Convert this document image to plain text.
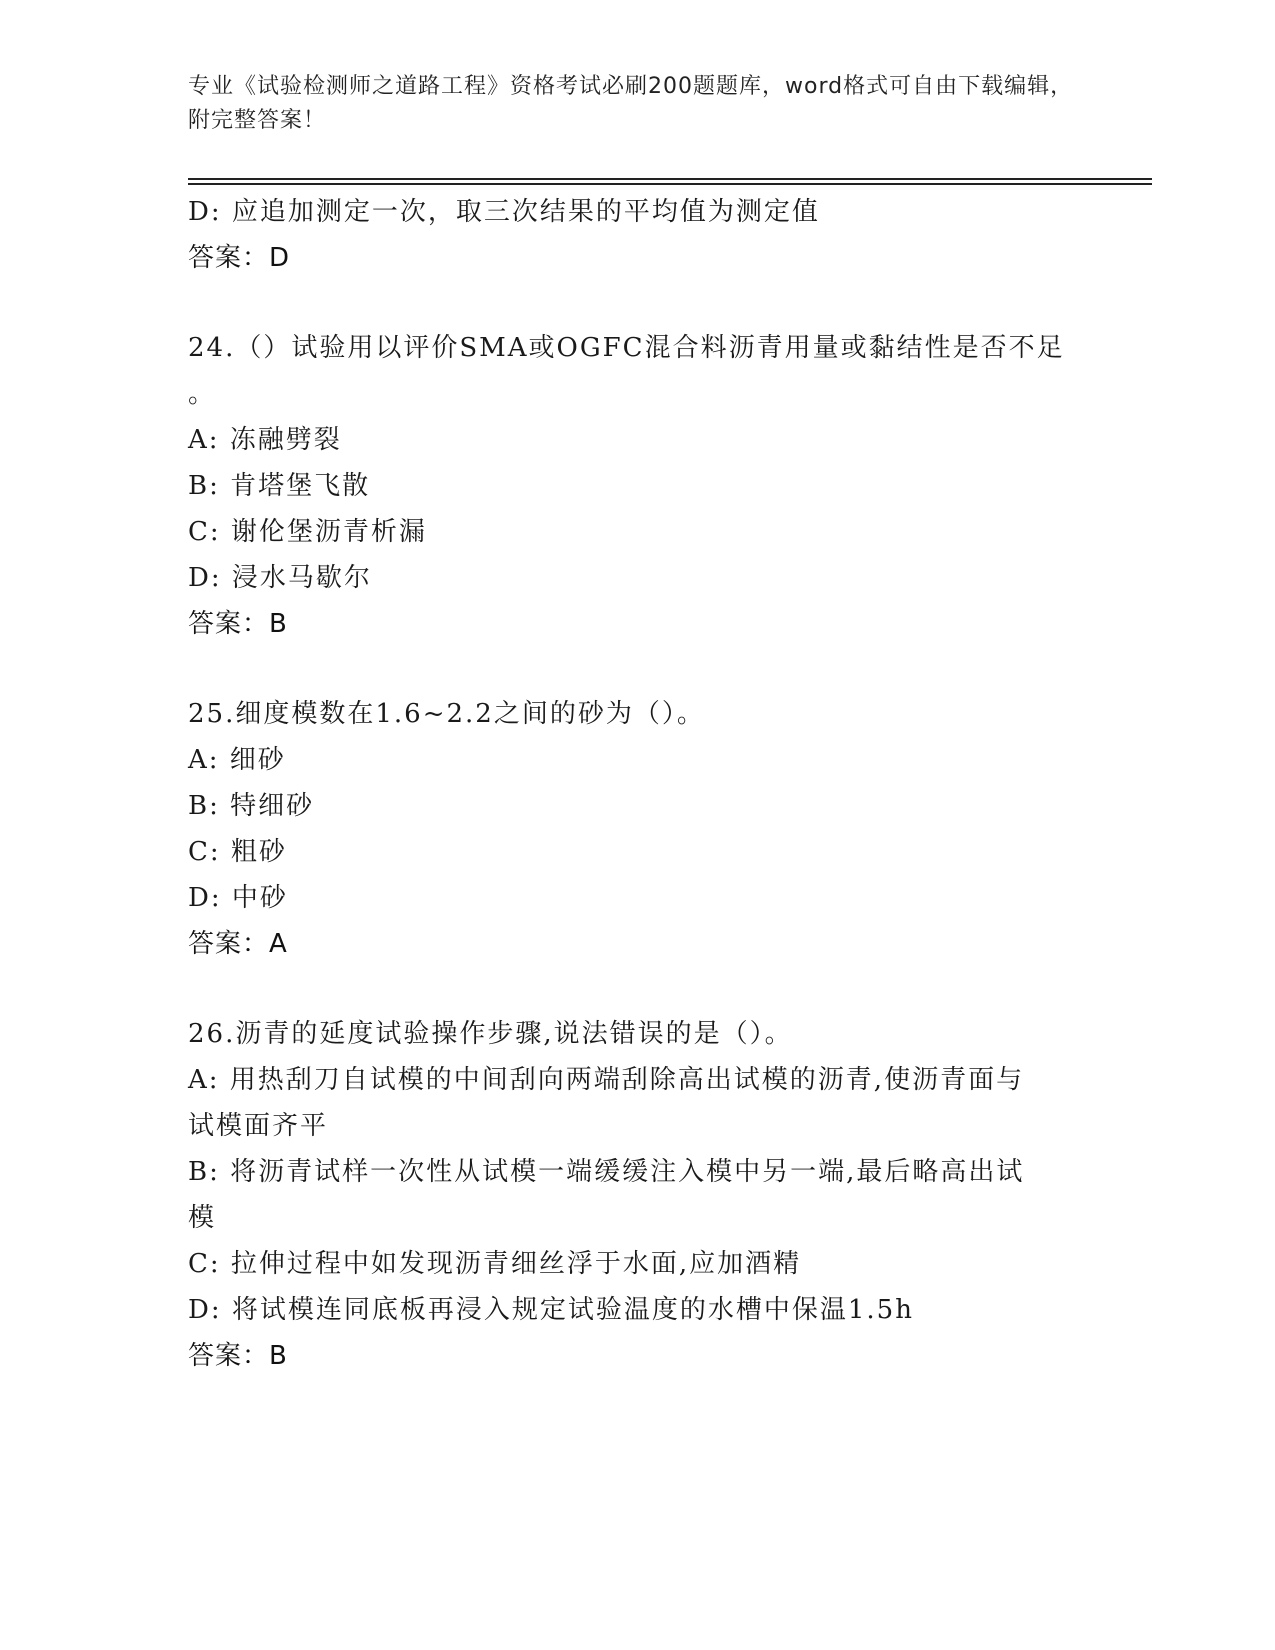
专业《试验检测师之道路工程》资格考试必刷200题题库，word格式可自由下载编辑，附完整答案！
D: 应追加测定一次，取三次结果的平均值为测定值
答案：D
24.（）试验用以评价SMA或OGFC混合料沥青用量或黏结性是否不足
。
A: 冻融劈裂
B: 肯塔堡飞散
C: 谢伦堡沥青析漏
D: 浸水马歇尔
答案：B
25.细度模数在1.6~2.2之间的砂为（）。
A: 细砂
B: 特细砂
C: 粗砂
D: 中砂
答案：A
26.沥青的延度试验操作步骤,说法错误的是（）。
A: 用热刮刀自试模的中间刮向两端刮除高出试模的沥青,使沥青面与
试模面齐平
B: 将沥青试样一次性从试模一端缓缓注入模中另一端,最后略高出试
模
C: 拉伸过程中如发现沥青细丝浮于水面,应加酒精
D: 将试模连同底板再浸入规定试验温度的水槽中保温1.5h
答案：B
